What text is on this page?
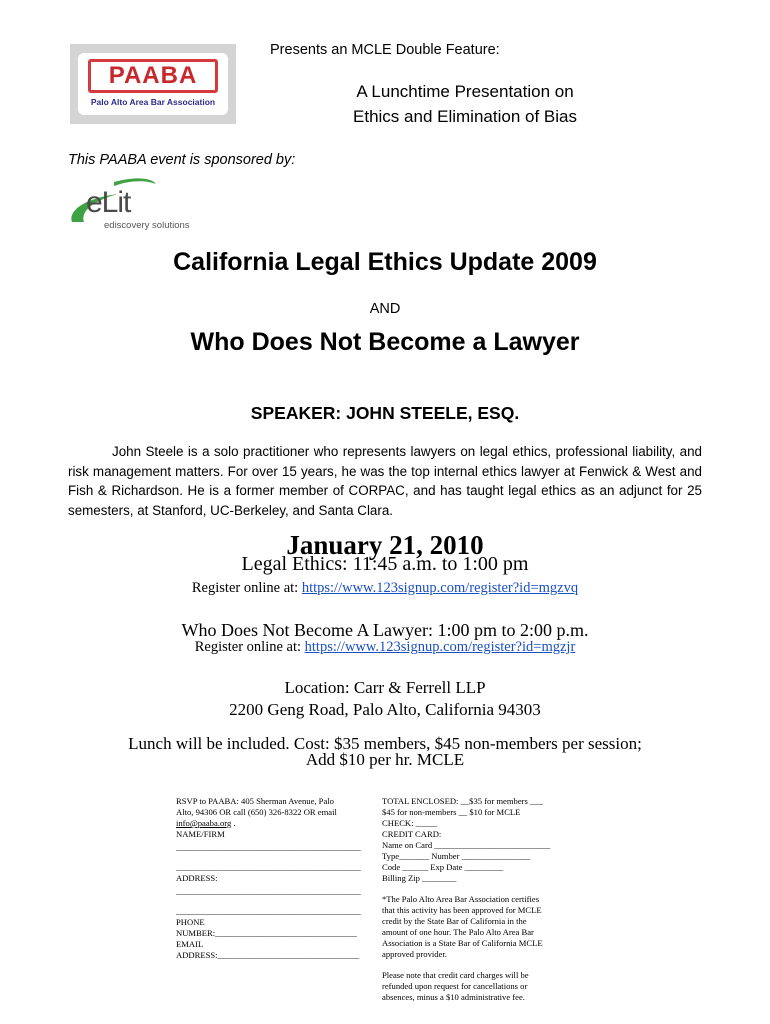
Presents an MCLE Double Feature:
A Lunchtime Presentation on
Ethics and Elimination of Bias
PAABA
Palo Alto Area Bar Association
This PAABA event is sponsored by:
eLit
ediscovery solutions
California Legal Ethics Update 2009
AND
Who Does Not Become a Lawyer
SPEAKER: JOHN STEELE, ESQ.
John Steele is a solo practitioner who represents lawyers on legal ethics, professional liability, and risk management matters. For over 15 years, he was the top internal ethics lawyer at Fenwick & West and Fish & Richardson. He is a former member of CORPAC, and has taught legal ethics as an adjunct for 25 semesters, at Stanford, UC-Berkeley, and Santa Clara.
January 21, 2010
Legal Ethics: 11:45 a.m. to 1:00 pm
Register online at: https://www.123signup.com/register?id=mgzvq
Who Does Not Become A Lawyer: 1:00 pm to 2:00 p.m.
Register online at: https://www.123signup.com/register?id=mgzjr
Location: Carr & Ferrell LLP
2200 Geng Road, Palo Alto, California 94303
Lunch will be included. Cost: $35 members, $45 non-members per session;
Add $10 per hr. MCLE
RSVP to PAABA: 405 Sherman Avenue, Palo
Alto, 94306 OR call (650) 326-8322 OR email
info@paaba.org .
NAME/FIRM
___________________________________________
___________________________________________
ADDRESS:
___________________________________________
___________________________________________
PHONE
NUMBER:_________________________________
EMAIL
ADDRESS:_________________________________
TOTAL ENCLOSED: __$35 for members ___
$45 for non-members __ $10 for MCLE
CHECK: _____
CREDIT CARD:
Name on Card ___________________________
Type_______ Number ________________
Code ______ Exp Date _________
Billing Zip ________
*The Palo Alto Area Bar Association certifies
that this activity has been approved for MCLE
credit by the State Bar of California in the
amount of one hour. The Palo Alto Area Bar
Association is a State Bar of California MCLE
approved provider.
Please note that credit card charges will be
refunded upon request for cancellations or
absences, minus a $10 administrative fee.
